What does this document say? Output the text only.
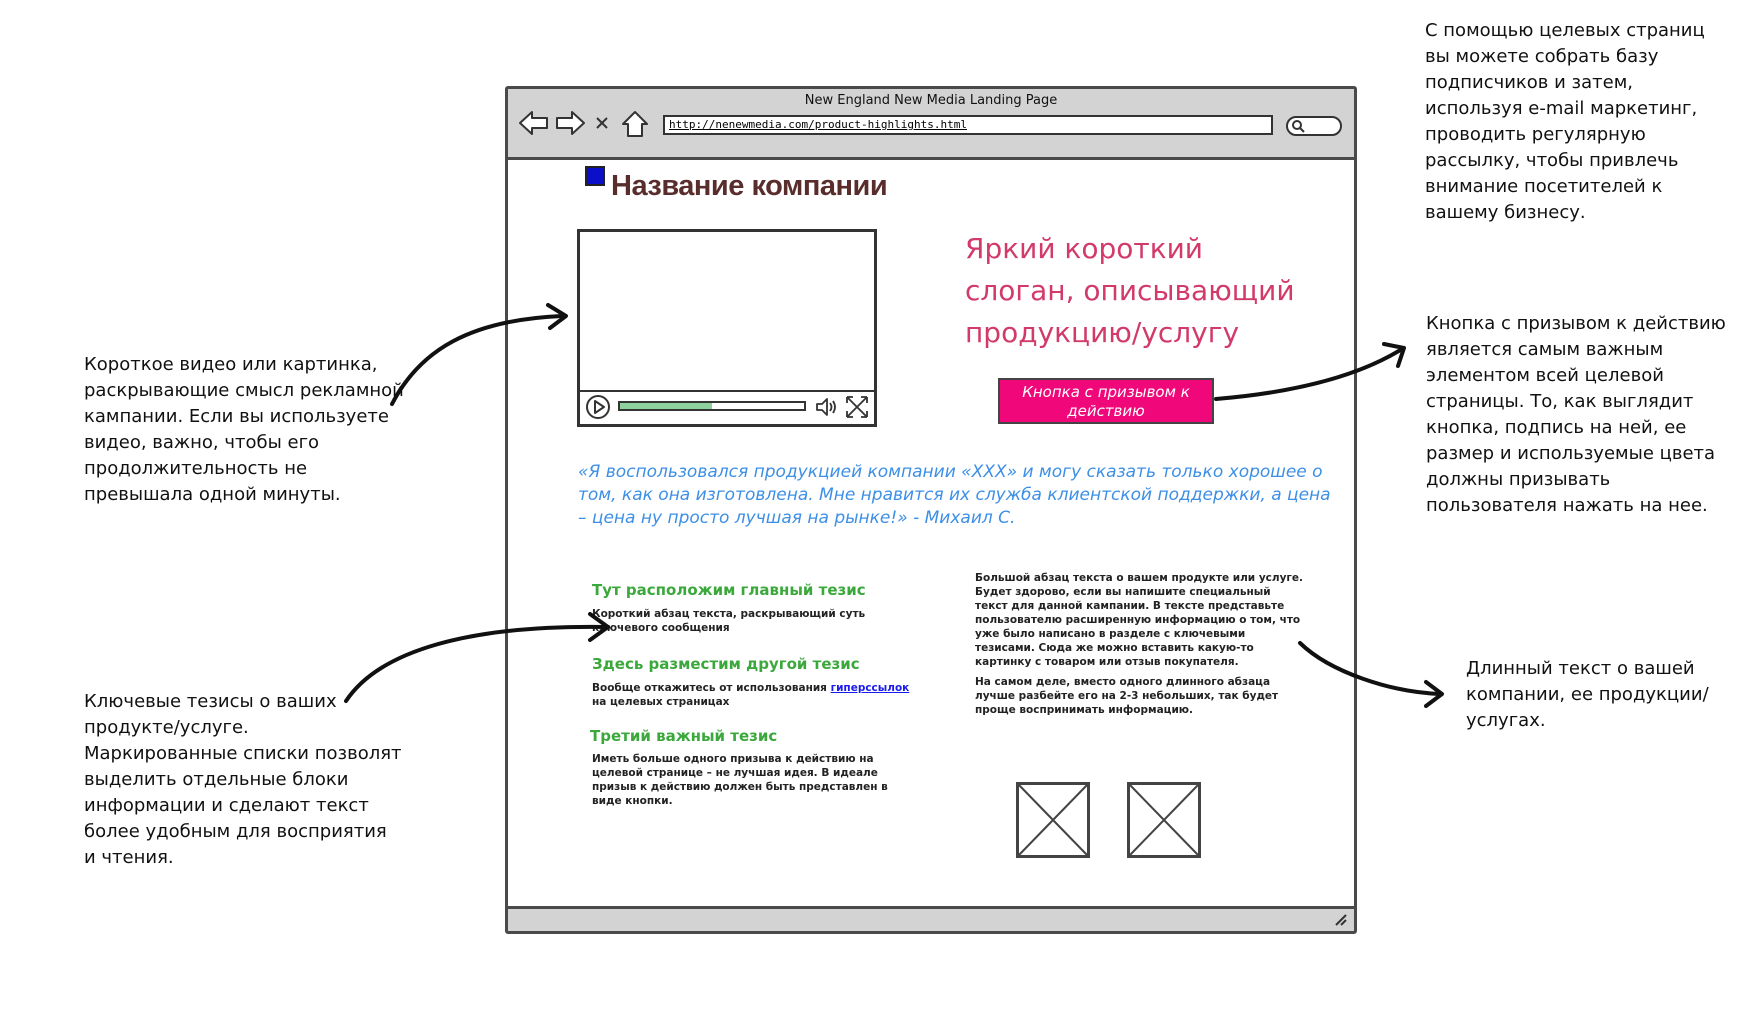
С помощью целевых страниц вы можете собрать базу подписчиков и затем, используя e-mail маркетинг, проводить регулярную рассылку, чтобы привлечь внимание посетителей к вашему бизнесу.
Кнопка с призывом к действию является самым важным элементом всей целевой страницы. То, как выглядит кнопка, подпись на ней, ее размер и используемые цвета должны призывать пользователя нажать на нее.
Короткое видео или картинка, раскрывающие смысл рекламной кампании. Если вы используете видео, важно, чтобы его продолжительность не превышала одной минуты.
Ключевые тезисы о ваших продукте/услуге. Маркированные списки позволят выделить отдельные блоки информации и сделают текст более удобным для восприятия и чтения.
Длинный текст о вашей компании, ее продукции/ услугах.
New England New Media Landing Page
http://nenewmedia.com/product-highlights.html
Название компании
Яркий короткий слоган, описывающий продукцию/услугу
Кнопка с призывом к действию
«Я воспользовался продукцией компании «XXX» и могу сказать только хорошее о том, как она изготовлена. Мне нравится их служба клиентской поддержки, а цена – цена ну просто лучшая на рынке!» - Михаил С.
Тут расположим главный тезис
Короткий абзац текста, раскрывающий суть ключевого сообщения
Здесь разместим другой тезис
Вообще откажитесь от использования гиперссылок на целевых страницах
Третий важный тезис
Иметь больше одного призыва к действию на целевой странице – не лучшая идея. В идеале призыв к действию должен быть представлен в виде кнопки.
Большой абзац текста о вашем продукте или услуге. Будет здорово, если вы напишите специальный текст для данной кампании. В тексте представьте пользователю расширенную информацию о том, что уже было написано в разделе с ключевыми тезисами. Сюда же можно вставить какую-то картинку с товаром или отзыв покупателя.
На самом деле, вместо одного длинного абзаца лучше разбейте его на 2-3 небольших, так будет проще воспринимать информацию.
